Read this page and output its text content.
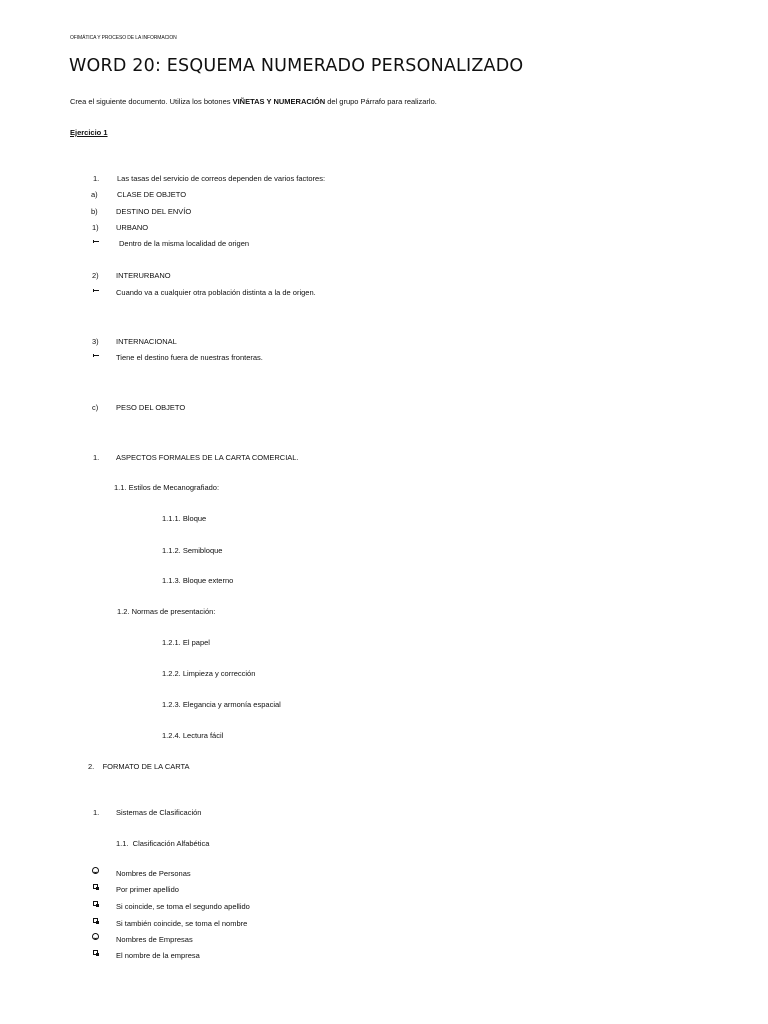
OFIMÁTICA Y PROCESO DE LA INFORMACION
WORD 20: ESQUEMA NUMERADO PERSONALIZADO
Crea el siguiente documento. Utiliza los botones VIÑETAS Y NUMERACIÓN del grupo Párrafo para realizarlo.
Ejercicio 1
1. Las tasas del servicio de correos dependen de varios factores:
a)	CLASE DE OBJETO
b) DESTINO DEL ENVÍO
1) URBANO
Dentro de la misma localidad de origen
2) INTERURBANO
Cuando va a cualquier otra población distinta a la de origen.
3) INTERNACIONAL
Tiene el destino fuera de nuestras fronteras.
c) PESO DEL OBJETO
1. ASPECTOS FORMALES DE LA CARTA COMERCIAL.
1.1. Estilos de Mecanografiado:
1.1.1. Bloque
1.1.2. Semibloque
1.1.3. Bloque externo
1.2. Normas de presentación:
1.2.1. El papel
1.2.2. Limpieza y corrección
1.2.3. Elegancia y armonía espacial
1.2.4. Lectura fácil
2.    FORMATO DE LA CARTA
1. Sistemas de Clasificación
1.1.  Clasificación Alfabética
Nombres de Personas
Por primer apellido
Si coincide, se toma el segundo apellido
Si también coincide, se toma el nombre
Nombres de Empresas
El nombre de la empresa
